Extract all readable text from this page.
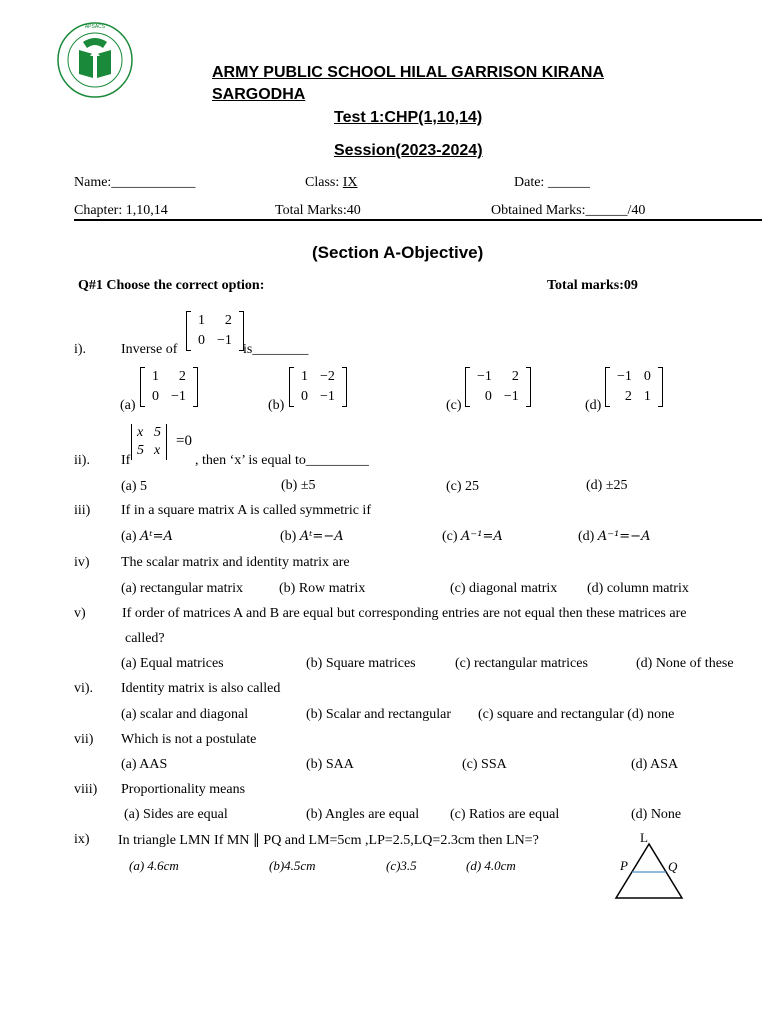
APSACS
ARMY PUBLIC SCHOOL HILAL GARRISON KIRANA
SARGODHA
Test 1:CHP(1,10,14)
Session(2023-2024)
Name:____________	Class: IX	Date: ______
Chapter: 1,10,14	Total Marks:40	Obtained Marks:______/40
(Section A-Objective)
Q#1 Choose the correct option:	Total marks:09
i). Inverse of
1	2
0	−1
is________
(a)
1	2
0	−1
(b)
1	−2
0	−1
(c)
−1	2
0	−1
(d)
−1	0
2	1
ii). If
x	5
5	x
=0
, then ‘x’ is equal to_________
(a) 5	(b) ±5	(c) 25	(d) ±25
iii) If in a square matrix A is called symmetric if
(a) Aᵗ=A	(b) Aᵗ=−A	(c) A⁻¹=A	(d) A⁻¹=−A
iv) The scalar matrix and identity matrix are
(a) rectangular matrix	(b) Row matrix	(c) diagonal matrix (d) column matrix
v)	If order of matrices A and B are equal but corresponding entries are not equal then these matrices are
called?
(a) Equal matrices	(b) Square matrices	(c) rectangular matrices	(d) None of these
vi). Identity matrix is also called
(a) scalar and diagonal	(b) Scalar and rectangular (c) square and rectangular (d) none
vii) Which is not a postulate
(a) AAS	(b) SAA	(c) SSA	(d) ASA
viii) Proportionality means
(a) Sides are equal	(b) Angles are equal (c) Ratios are equal	(d) None
ix) In triangle LMN If MN ∥ PQ and LM=5cm ,LP=2.5,LQ=2.3cm then LN=?
(a) 4.6cm	(b)4.5cm	(c)3.5	(d) 4.0cm
L
P	Q
